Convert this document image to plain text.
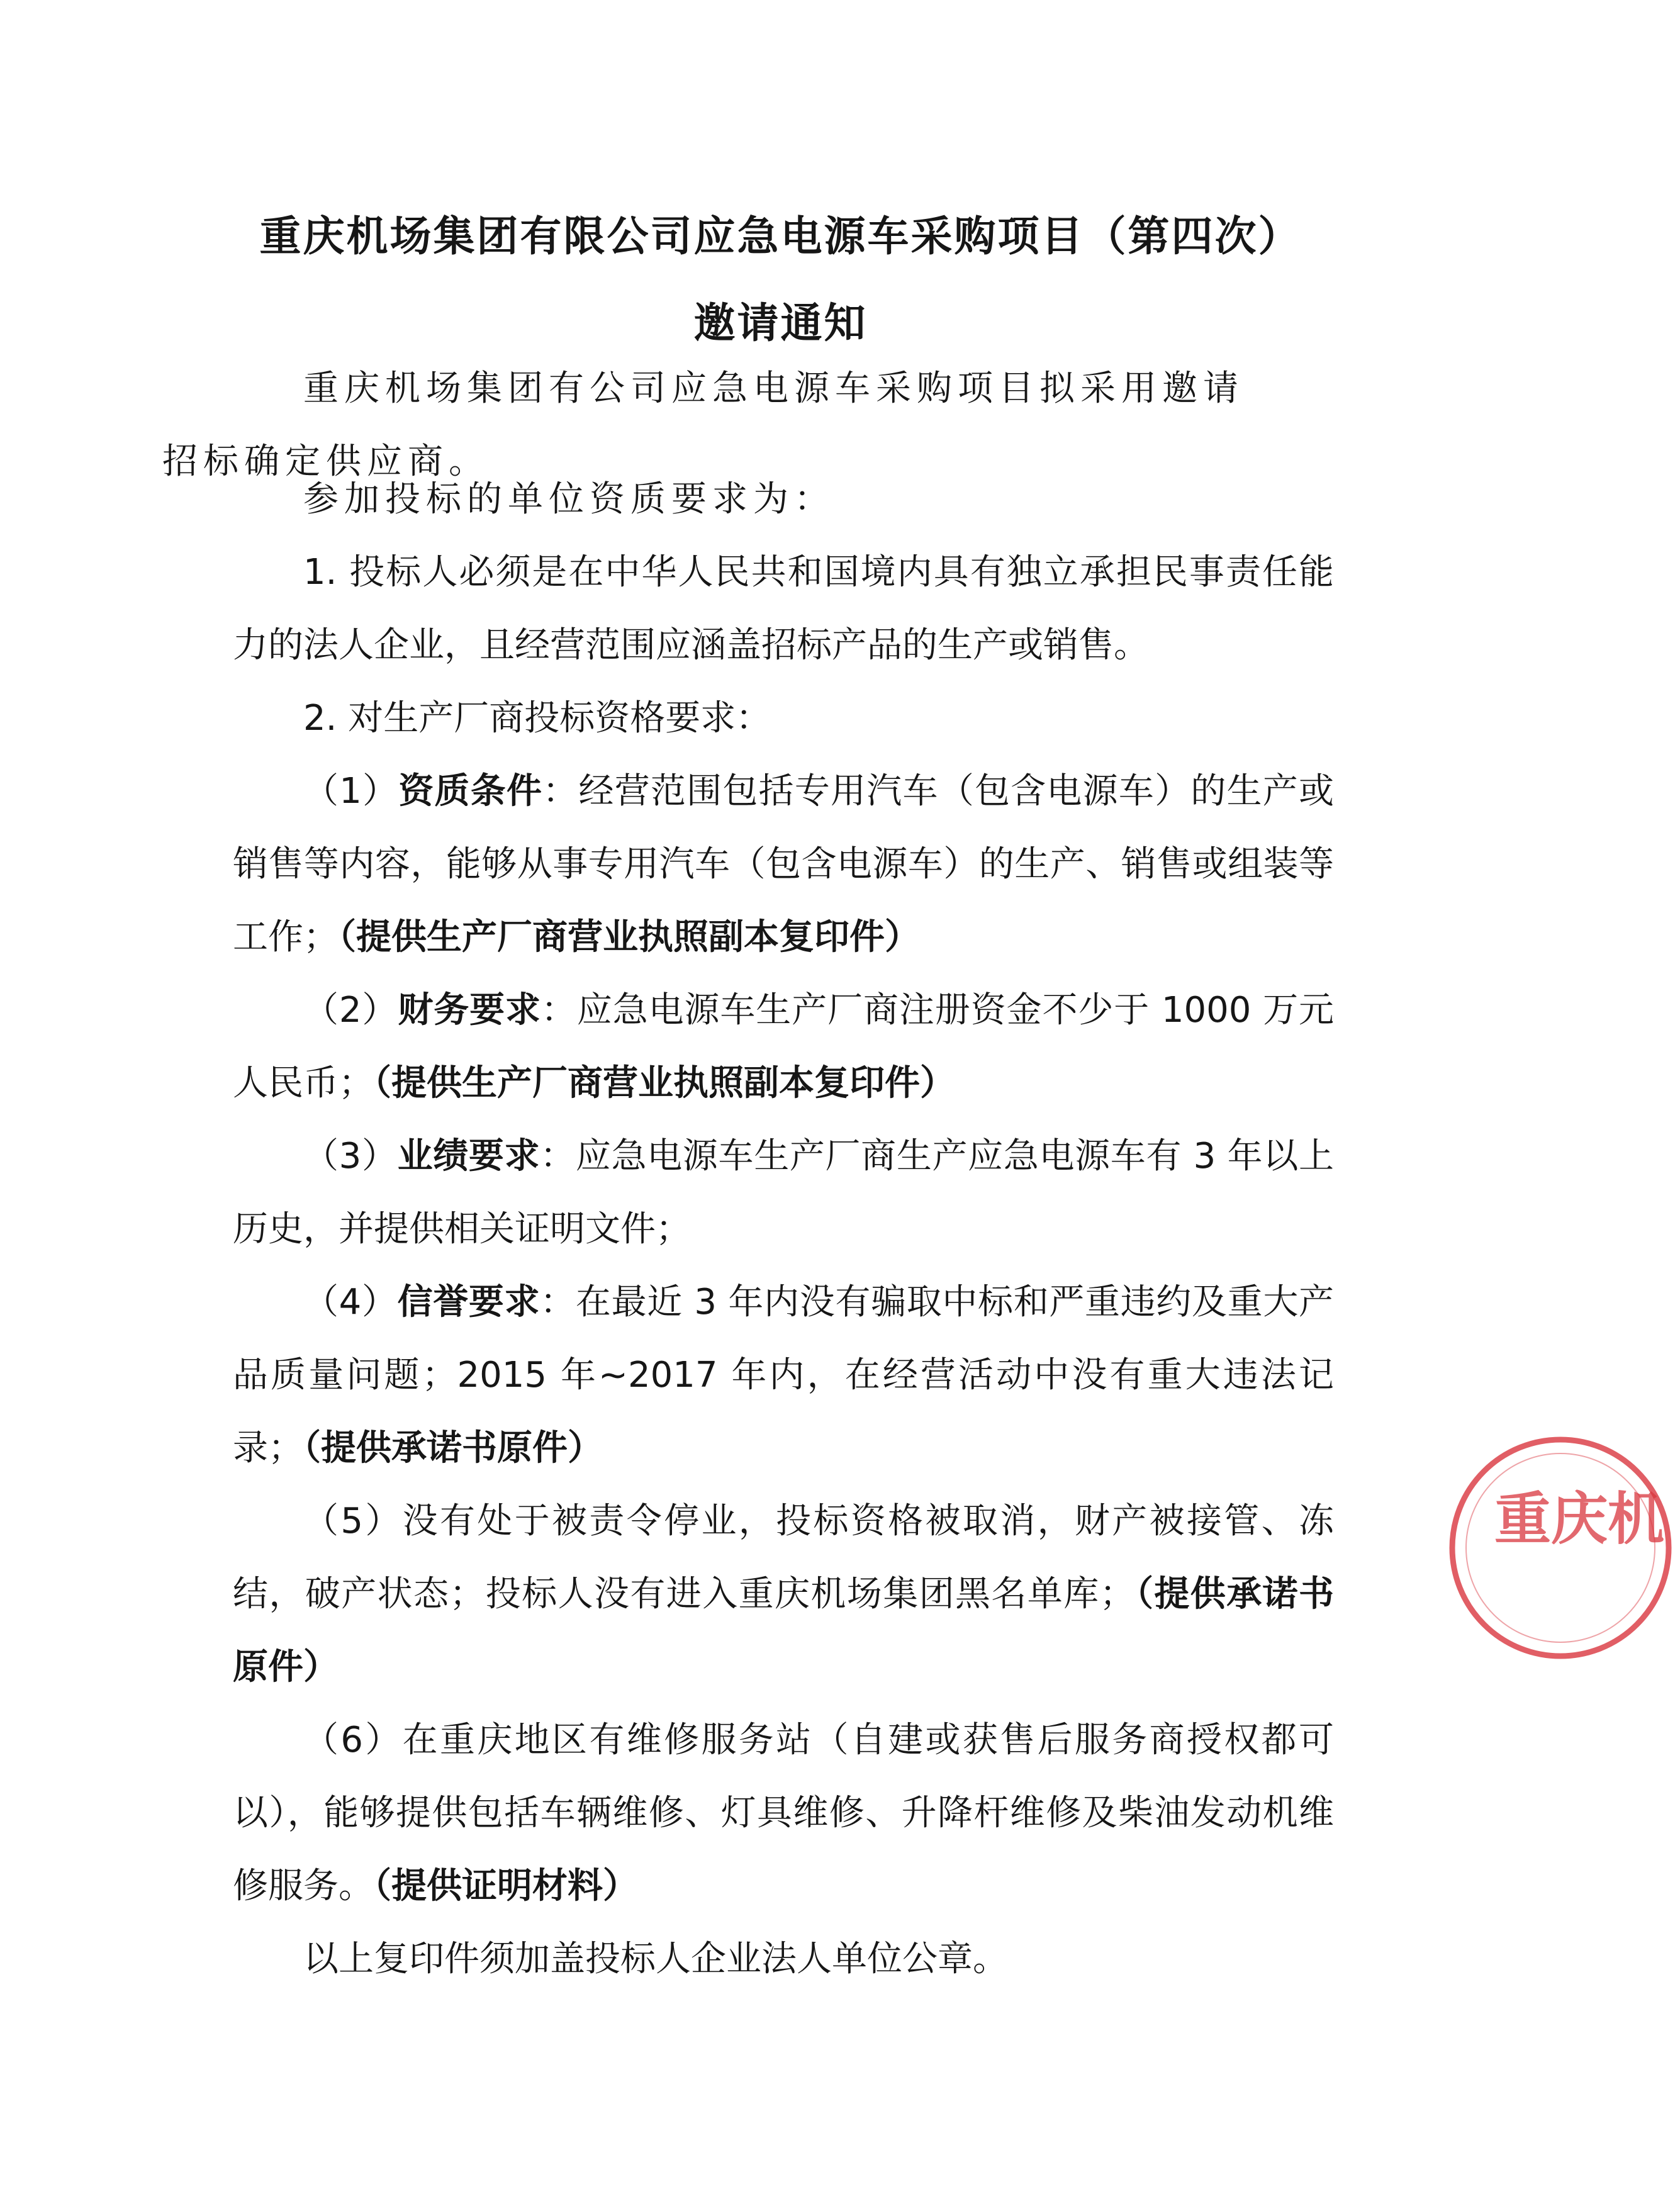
重庆机场集团有限公司应急电源车采购项目（第四次）
邀请通知
重庆机场集团有公司应急电源车采购项目拟采用邀请
招标确定供应商。
参加投标的单位资质要求为：
1. 投标人必须是在中华人民共和国境内具有独立承担民事责任能力的法人企业，且经营范围应涵盖招标产品的生产或销售。
2. 对生产厂商投标资格要求：
（1）资质条件：经营范围包括专用汽车（包含电源车）的生产或销售等内容，能够从事专用汽车（包含电源车）的生产、销售或组装等工作；（提供生产厂商营业执照副本复印件）
（2）财务要求：应急电源车生产厂商注册资金不少于 1000 万元人民币；（提供生产厂商营业执照副本复印件）
（3）业绩要求：应急电源车生产厂商生产应急电源车有 3 年以上历史，并提供相关证明文件；
（4）信誉要求：在最近 3 年内没有骗取中标和严重违约及重大产品质量问题；2015 年~2017 年内，在经营活动中没有重大违法记录；（提供承诺书原件）
（5）没有处于被责令停业，投标资格被取消，财产被接管、冻结，破产状态；投标人没有进入重庆机场集团黑名单库；（提供承诺书原件）
（6）在重庆地区有维修服务站（自建或获售后服务商授权都可以），能够提供包括车辆维修、灯具维修、升降杆维修及柴油发动机维修服务。（提供证明材料）
以上复印件须加盖投标人企业法人单位公章。
重庆机
